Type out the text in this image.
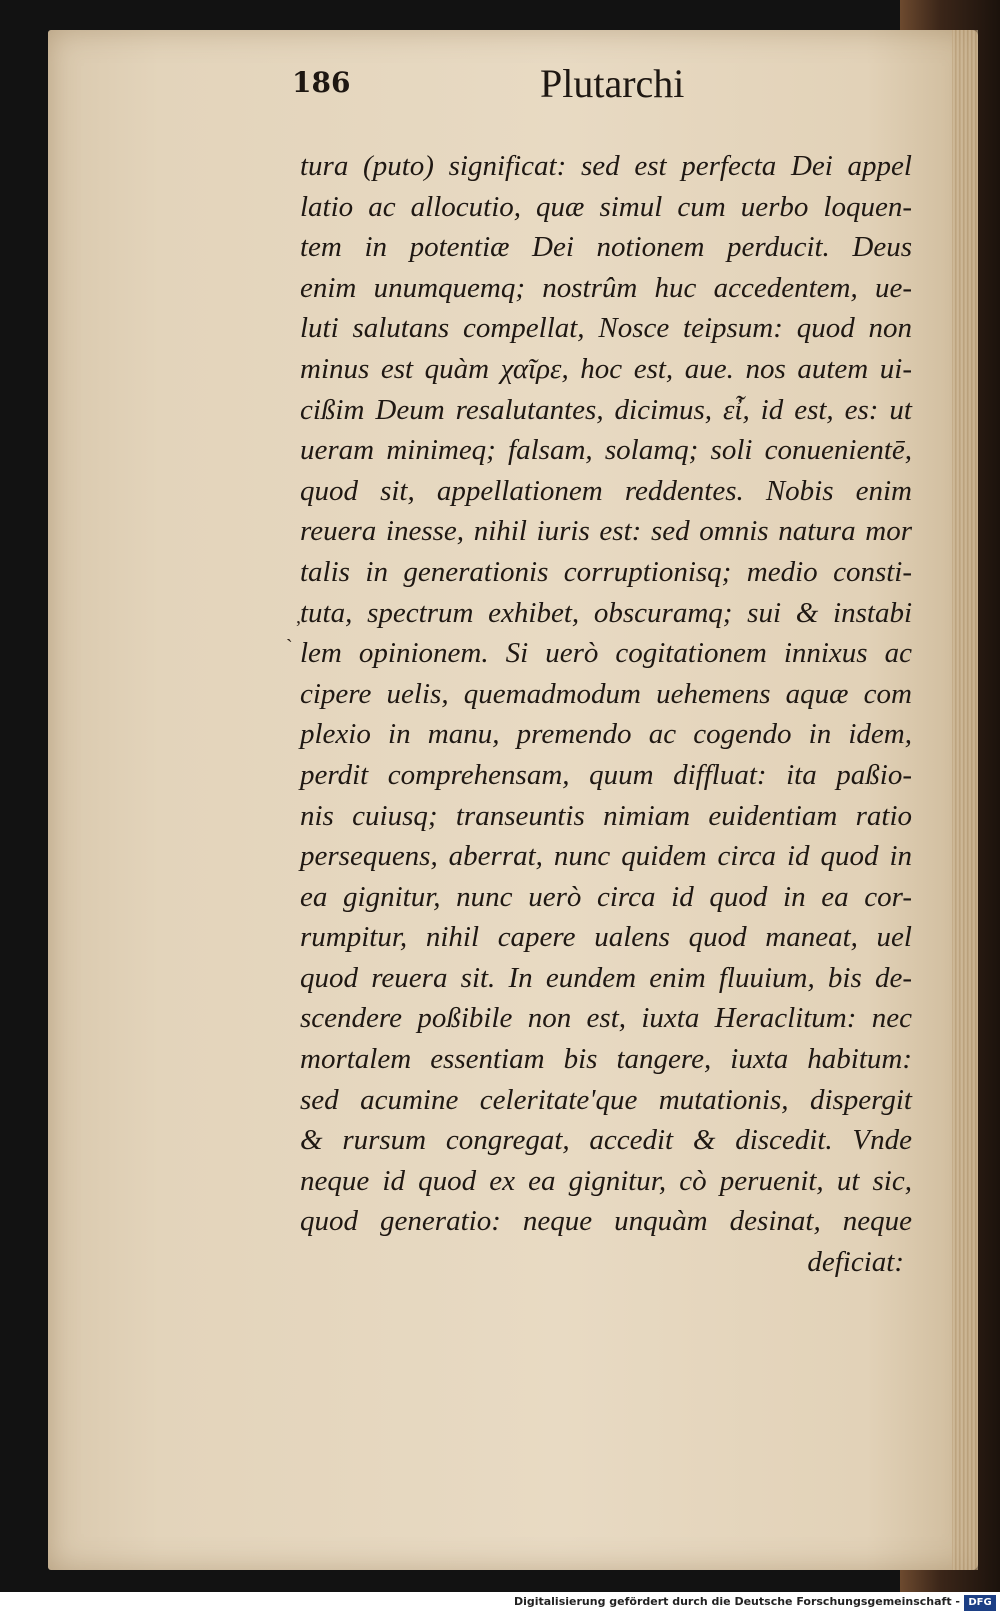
186	Plutarchi
tura (puto) significat: sed est perfecta Dei appel
latio ac allocutio, quæ simul cum uerbo loquen-
tem in potentiæ Dei notionem perducit. Deus
enim unumquemq; nostrûm huc accedentem, ue-
luti salutans compellat, Nosce teipsum: quod non
minus est quàm χαῖρε, hoc est, aue. nos autem ui-
cißim Deum resalutantes, dicimus, εἶ, id est, es: ut
ueram minimeq; falsam, solamq; soli conuenientē,
quod sit, appellationem reddentes. Nobis enim
reuera inesse, nihil iuris est: sed omnis natura mor
talis in generationis corruptionisq; medio consti-
tuta, spectrum exhibet, obscuramq; sui & instabi
lem opinionem. Si uerò cogitationem innixus ac
cipere uelis, quemadmodum uehemens aquæ com
plexio in manu, premendo ac cogendo in idem,
perdit comprehensam, quum diffluat: ita paßio-
nis cuiusq; transeuntis nimiam euidentiam ratio
persequens, aberrat, nunc quidem circa id quod in
ea gignitur, nunc uerò circa id quod in ea cor-
rumpitur, nihil capere ualens quod maneat, uel
quod reuera sit. In eundem enim fluuium, bis de-
scendere poßibile non est, iuxta Heraclitum: nec
mortalem essentiam bis tangere, iuxta habitum:
sed acumine celeritate'que mutationis, dispergit
& rursum congregat, accedit & discedit. Vnde
neque id quod ex ea gignitur, cò peruenit, ut sic,
quod generatio: neque unquàm desinat, neque
deficiat:
,
`
Digitalisierung gefördert durch die Deutsche Forschungsgemeinschaft - DFG
